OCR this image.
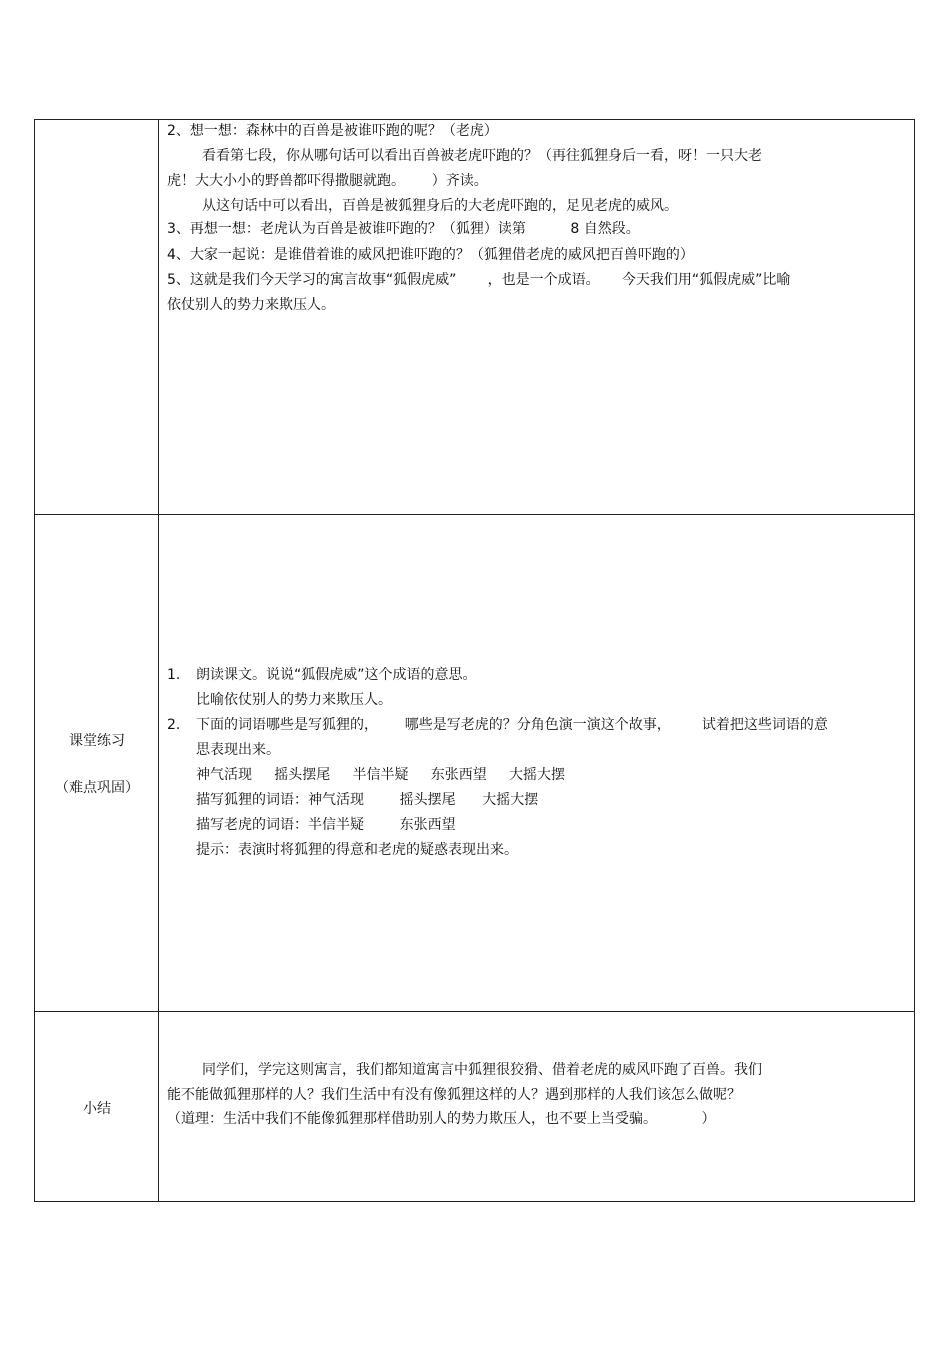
2、想一想：森林中的百兽是被谁吓跑的呢？（老虎）
看看第七段，你从哪句话可以看出百兽被老虎吓跑的？（再往狐狸身后一看，呀！一只大老
虎！大大小小的野兽都吓得撒腿就跑。      ）齐读。
从这句话中可以看出，百兽是被狐狸身后的大老虎吓跑的，足见老虎的威风。
3、再想一想：老虎认为百兽是被谁吓跑的？（狐狸）读第          8 自然段。
4、大家一起说：是谁借着谁的威风把谁吓跑的？（狐狸借老虎的威风把百兽吓跑的）
5、这就是我们今天学习的寓言故事“狐假虎威”       ，也是一个成语。     今天我们用“狐假虎威”比喻
依仗别人的势力来欺压人。
课堂练习
（难点巩固）
1. 朗读课文。说说“狐假虎威”这个成语的意思。
比喻依仗别人的势力来欺压人。
2. 下面的词语哪些是写狐狸的，      哪些是写老虎的？分角色演一演这个故事，       试着把这些词语的意
思表现出来。
神气活现     摇头摆尾     半信半疑     东张西望     大摇大摆
描写狐狸的词语：神气活现        摇头摆尾      大摇大摆
描写老虎的词语：半信半疑        东张西望
提示：表演时将狐狸的得意和老虎的疑惑表现出来。
小结
同学们，学完这则寓言，我们都知道寓言中狐狸很狡猾、借着老虎的威风吓跑了百兽。我们
能不能做狐狸那样的人？我们生活中有没有像狐狸这样的人？遇到那样的人我们该怎么做呢？
（道理：生活中我们不能像狐狸那样借助别人的势力欺压人，也不要上当受骗。          ）
